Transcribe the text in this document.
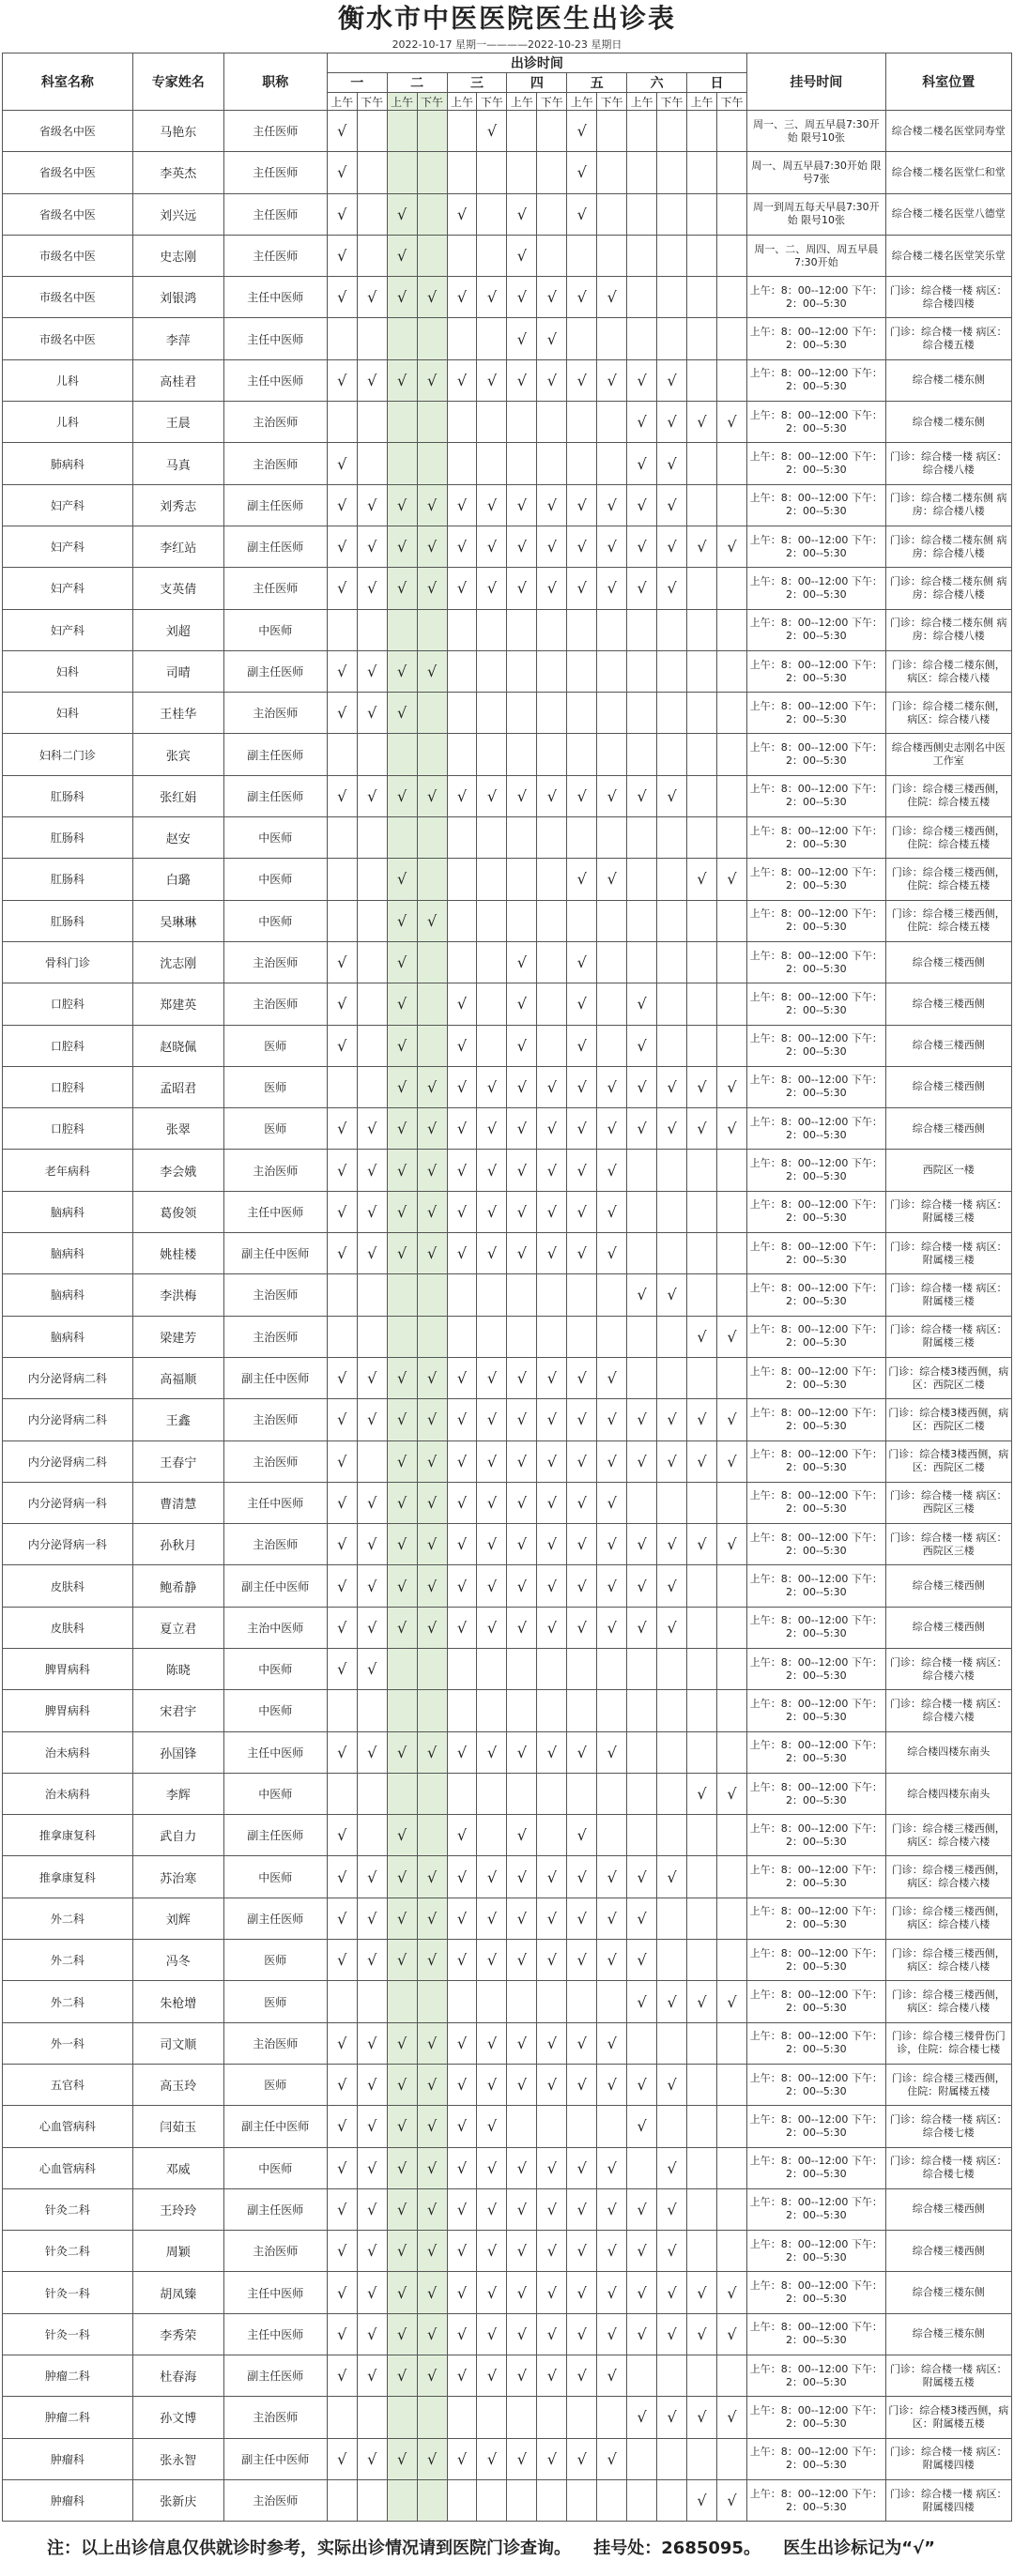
衡水市中医医院医生出诊表
2022-10-17 星期一————2022-10-23 星期日
科室名称	专家姓名	职称	出诊时间														挂号时间	科室位置
			一		二		三		四		五		六		日			
			上午	下午	上午	下午	上午	下午	上午	下午	上午	下午	上午	下午	上午	下午		
省级名中医	马艳东	主任医师	√					√			√						周一、三、周五早晨7:30开始 限号10张	综合楼二楼名医堂同寿堂
省级名中医	李英杰	主任医师	√								√						周一、周五早晨7:30开始 限号7张	综合楼二楼名医堂仁和堂
省级名中医	刘兴远	主任医师	√		√		√		√		√						周一到周五每天早晨7:30开始 限号10张	综合楼二楼名医堂八德堂
市级名中医	史志刚	主任医师	√		√				√								周一、二、周四、周五早晨7:30开始	综合楼二楼名医堂笑乐堂
市级名中医	刘银鸿	主任中医师	√	√	√	√	√	√	√	√	√	√					上午：8：00--12:00 下午：2：00--5:30	门诊：综合楼一楼 病区：综合楼四楼
市级名中医	李萍	主任中医师							√	√							上午：8：00--12:00 下午：2：00--5:30	门诊：综合楼一楼 病区：综合楼五楼
儿科	高桂君	主任中医师	√	√	√	√	√	√	√	√	√	√	√	√			上午：8：00--12:00 下午：2：00--5:30	综合楼二楼东侧
儿科	王晨	主治医师											√	√	√	√	上午：8：00--12:00 下午：2：00--5:30	综合楼二楼东侧
肺病科	马真	主治医师	√										√	√			上午：8：00--12:00 下午：2：00--5:30	门诊：综合楼一楼 病区：综合楼八楼
妇产科	刘秀志	副主任医师	√	√	√	√	√	√	√	√	√	√	√	√			上午：8：00--12:00 下午：2：00--5:30	门诊：综合楼二楼东侧 病房：综合楼八楼
妇产科	李红站	副主任医师	√	√	√	√	√	√	√	√	√	√	√	√	√	√	上午：8：00--12:00 下午：2：00--5:30	门诊：综合楼二楼东侧 病房：综合楼八楼
妇产科	支英倩	主任医师	√	√	√	√	√	√	√	√	√	√	√	√			上午：8：00--12:00 下午：2：00--5:30	门诊：综合楼二楼东侧 病房：综合楼八楼
妇产科	刘超	中医师															上午：8：00--12:00 下午：2：00--5:30	门诊：综合楼二楼东侧 病房：综合楼八楼
妇科	司晴	副主任医师	√	√	√	√											上午：8：00--12:00 下午：2：00--5:30	门诊：综合楼二楼东侧，病区：综合楼八楼
妇科	王桂华	主治医师	√	√	√												上午：8：00--12:00 下午：2：00--5:30	门诊：综合楼二楼东侧，病区：综合楼八楼
妇科二门诊	张宾	副主任医师															上午：8：00--12:00 下午：2：00--5:30	综合楼西侧史志刚名中医工作室
肛肠科	张红娟	副主任医师	√	√	√	√	√	√	√	√	√	√	√	√			上午：8：00--12:00 下午：2：00--5:30	门诊：综合楼三楼西侧，住院：综合楼五楼
肛肠科	赵安	中医师															上午：8：00--12:00 下午：2：00--5:30	门诊：综合楼三楼西侧，住院：综合楼五楼
肛肠科	白璐	中医师			√						√	√			√	√	上午：8：00--12:00 下午：2：00--5:30	门诊：综合楼三楼西侧，住院：综合楼五楼
肛肠科	吴琳琳	中医师			√	√											上午：8：00--12:00 下午：2：00--5:30	门诊：综合楼三楼西侧，住院：综合楼五楼
骨科门诊	沈志刚	主治医师	√		√				√		√						上午：8：00--12:00 下午：2：00--5:30	综合楼三楼西侧
口腔科	郑建英	主治医师	√		√		√		√		√		√				上午：8：00--12:00 下午：2：00--5:30	综合楼三楼西侧
口腔科	赵晓佩	医师	√		√		√		√		√		√				上午：8：00--12:00 下午：2：00--5:30	综合楼三楼西侧
口腔科	孟昭君	医师			√	√	√	√	√	√	√	√	√	√	√	√	上午：8：00--12:00 下午：2：00--5:30	综合楼三楼西侧
口腔科	张翠	医师	√	√	√	√	√	√	√	√	√	√	√	√	√	√	上午：8：00--12:00 下午：2：00--5:30	综合楼三楼西侧
老年病科	李会娥	主治医师	√	√	√	√	√	√	√	√	√	√					上午：8：00--12:00 下午：2：00--5:30	西院区一楼
脑病科	葛俊领	主任中医师	√	√	√	√	√	√	√	√	√	√					上午：8：00--12:00 下午：2：00--5:30	门诊：综合楼一楼 病区：附属楼三楼
脑病科	姚桂楼	副主任中医师	√	√	√	√	√	√	√	√	√	√					上午：8：00--12:00 下午：2：00--5:30	门诊：综合楼一楼 病区：附属楼三楼
脑病科	李洪梅	主治医师											√	√			上午：8：00--12:00 下午：2：00--5:30	门诊：综合楼一楼 病区：附属楼三楼
脑病科	梁建芳	主治医师													√	√	上午：8：00--12:00 下午：2：00--5:30	门诊：综合楼一楼 病区：附属楼三楼
内分泌肾病二科	高福顺	副主任中医师	√	√	√	√	√	√	√	√	√	√					上午：8：00--12:00 下午：2：00--5:30	门诊：综合楼3楼西侧，病区：西院区二楼
内分泌肾病二科	王鑫	主治医师	√	√	√	√	√	√	√	√	√	√	√	√	√	√	上午：8：00--12:00 下午：2：00--5:30	门诊：综合楼3楼西侧，病区：西院区二楼
内分泌肾病二科	王春宁	主治医师	√		√	√	√	√	√	√	√	√	√	√	√	√	上午：8：00--12:00 下午：2：00--5:30	门诊：综合楼3楼西侧，病区：西院区二楼
内分泌肾病一科	曹清慧	主任中医师	√	√	√	√	√	√	√	√	√	√					上午：8：00--12:00 下午：2：00--5:30	门诊：综合楼一楼 病区：西院区三楼
内分泌肾病一科	孙秋月	主治医师	√	√	√	√	√	√	√	√	√	√	√	√	√	√	上午：8：00--12:00 下午：2：00--5:30	门诊：综合楼一楼 病区：西院区三楼
皮肤科	鲍希静	副主任中医师	√	√	√	√	√	√	√	√	√	√	√	√			上午：8：00--12:00 下午：2：00--5:30	综合楼三楼西侧
皮肤科	夏立君	主治中医师	√	√	√	√	√	√	√	√	√	√	√	√			上午：8：00--12:00 下午：2：00--5:30	综合楼三楼西侧
脾胃病科	陈晓	中医师	√	√													上午：8：00--12:00 下午：2：00--5:30	门诊：综合楼一楼 病区：综合楼六楼
脾胃病科	宋君宇	中医师															上午：8：00--12:00 下午：2：00--5:30	门诊：综合楼一楼 病区：综合楼六楼
治未病科	孙国锋	主任中医师	√	√	√	√	√	√	√	√	√	√					上午：8：00--12:00 下午：2：00--5:30	综合楼四楼东南头
治未病科	李辉	中医师													√	√	上午：8：00--12:00 下午：2：00--5:30	综合楼四楼东南头
推拿康复科	武自力	副主任医师	√		√		√		√		√						上午：8：00--12:00 下午：2：00--5:30	门诊：综合楼三楼西侧，病区：综合楼六楼
推拿康复科	苏治寒	中医师	√	√	√	√	√	√	√	√	√	√	√	√			上午：8：00--12:00 下午：2：00--5:30	门诊：综合楼三楼西侧，病区：综合楼六楼
外二科	刘辉	副主任医师	√	√	√	√	√	√	√	√	√	√	√				上午：8：00--12:00 下午：2：00--5:30	门诊：综合楼三楼西侧，病区：综合楼八楼
外二科	冯冬	医师	√	√	√	√	√	√	√	√	√	√	√				上午：8：00--12:00 下午：2：00--5:30	门诊：综合楼三楼西侧，病区：综合楼八楼
外二科	朱枪增	医师											√	√	√	√	上午：8：00--12:00 下午：2：00--5:30	门诊：综合楼三楼西侧，病区：综合楼八楼
外一科	司文顺	主治医师	√	√	√	√	√	√	√	√	√	√					上午：8：00--12:00 下午：2：00--5:30	门诊：综合楼三楼骨伤门诊，住院：综合楼七楼
五官科	高玉玲	医师	√	√	√	√	√	√	√	√	√	√	√	√			上午：8：00--12:00 下午：2：00--5:30	门诊：综合楼三楼西侧，住院：附属楼五楼
心血管病科	闫茹玉	副主任中医师	√	√	√	√	√	√					√				上午：8：00--12:00 下午：2：00--5:30	门诊：综合楼一楼 病区：综合楼七楼
心血管病科	邓威	中医师	√	√	√	√	√	√	√	√	√	√		√			上午：8：00--12:00 下午：2：00--5:30	门诊：综合楼一楼 病区：综合楼七楼
针灸二科	王玲玲	副主任医师	√	√	√	√	√	√	√	√	√	√	√	√			上午：8：00--12:00 下午：2：00--5:30	综合楼三楼西侧
针灸二科	周颖	主治医师	√	√	√	√	√	√	√	√	√	√	√	√			上午：8：00--12:00 下午：2：00--5:30	综合楼三楼西侧
针灸一科	胡凤臻	主任中医师	√	√	√	√	√	√	√	√	√	√	√	√	√	√	上午：8：00--12:00 下午：2：00--5:30	综合楼三楼东侧
针灸一科	李秀荣	主任中医师	√	√	√	√	√	√	√	√	√	√	√	√	√	√	上午：8：00--12:00 下午：2：00--5:30	综合楼三楼东侧
肿瘤二科	杜春海	副主任医师	√	√	√	√	√	√	√	√	√	√					上午：8：00--12:00 下午：2：00--5:30	门诊：综合楼一楼 病区：附属楼五楼
肿瘤二科	孙文博	主治医师											√	√	√	√	上午：8：00--12:00 下午：2：00--5:30	门诊：综合楼3楼西侧，病区：附属楼五楼
肿瘤科	张永智	副主任中医师	√	√	√	√	√	√	√	√	√	√					上午：8：00--12:00 下午：2：00--5:30	门诊：综合楼一楼 病区：附属楼四楼
肿瘤科	张新庆	主治医师													√	√	上午：8：00--12:00 下午：2：00--5:30	门诊：综合楼一楼 病区：附属楼四楼
注：以上出诊信息仅供就诊时参考，实际出诊情况请到医院门诊查询。 挂号处：2685095。 医生出诊标记为“√”
